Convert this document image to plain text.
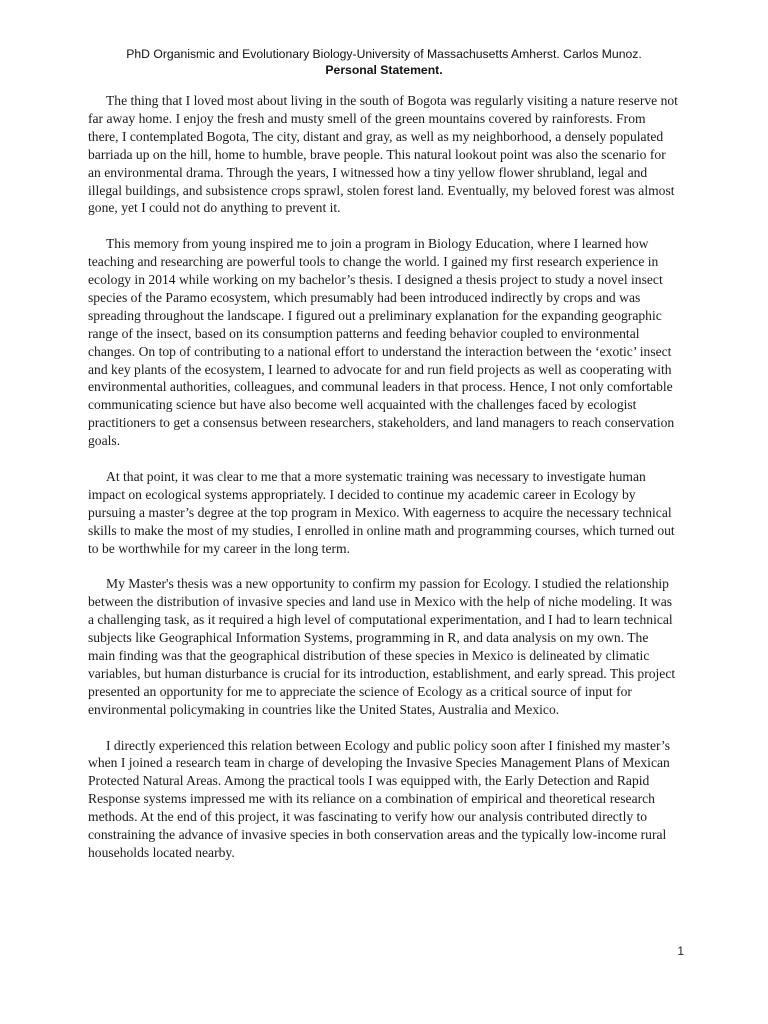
PhD Organismic and Evolutionary Biology-University of Massachusetts Amherst. Carlos Munoz.
Personal Statement.

The thing that I loved most about living in the south of Bogota was regularly visiting a nature reserve not far away home. I enjoy the fresh and musty smell of the green mountains covered by rainforests. From there, I contemplated Bogota, The city, distant and gray, as well as my neighborhood, a densely populated barriada up on the hill, home to humble, brave people. This natural lookout point was also the scenario for an environmental drama. Through the years, I witnessed how a tiny yellow flower shrubland, legal and illegal buildings, and subsistence crops sprawl, stolen forest land. Eventually, my beloved forest was almost gone, yet I could not do anything to prevent it.

This memory from young inspired me to join a program in Biology Education, where I learned how teaching and researching are powerful tools to change the world. I gained my first research experience in ecology in 2014 while working on my bachelor’s thesis. I designed a thesis project to study a novel insect species of the Paramo ecosystem, which presumably had been introduced indirectly by crops and was spreading throughout the landscape. I figured out a preliminary explanation for the expanding geographic range of the insect, based on its consumption patterns and feeding behavior coupled to environmental changes. On top of contributing to a national effort to understand the interaction between the ‘exotic’ insect and key plants of the ecosystem, I learned to advocate for and run field projects as well as cooperating with environmental authorities, colleagues, and communal leaders in that process. Hence, I not only comfortable communicating science but have also become well acquainted with the challenges faced by ecologist practitioners to get a consensus between researchers, stakeholders, and land managers to reach conservation goals.

At that point, it was clear to me that a more systematic training was necessary to investigate human impact on ecological systems appropriately. I decided to continue my academic career in Ecology by pursuing a master’s degree at the top program in Mexico. With eagerness to acquire the necessary technical skills to make the most of my studies, I enrolled in online math and programming courses, which turned out to be worthwhile for my career in the long term.

My Master's thesis was a new opportunity to confirm my passion for Ecology. I studied the relationship between the distribution of invasive species and land use in Mexico with the help of niche modeling. It was a challenging task, as it required a high level of computational experimentation, and I had to learn technical subjects like Geographical Information Systems, programming in R, and data analysis on my own. The main finding was that the geographical distribution of these species in Mexico is delineated by climatic variables, but human disturbance is crucial for its introduction, establishment, and early spread. This project presented an opportunity for me to appreciate the science of Ecology as a critical source of input for environmental policymaking in countries like the United States, Australia and Mexico.

I directly experienced this relation between Ecology and public policy soon after I finished my master’s when I joined a research team in charge of developing the Invasive Species Management Plans of Mexican Protected Natural Areas. Among the practical tools I was equipped with, the Early Detection and Rapid Response systems impressed me with its reliance on a combination of empirical and theoretical research methods. At the end of this project, it was fascinating to verify how our analysis contributed directly to constraining the advance of invasive species in both conservation areas and the typically low-income rural households located nearby.

1
